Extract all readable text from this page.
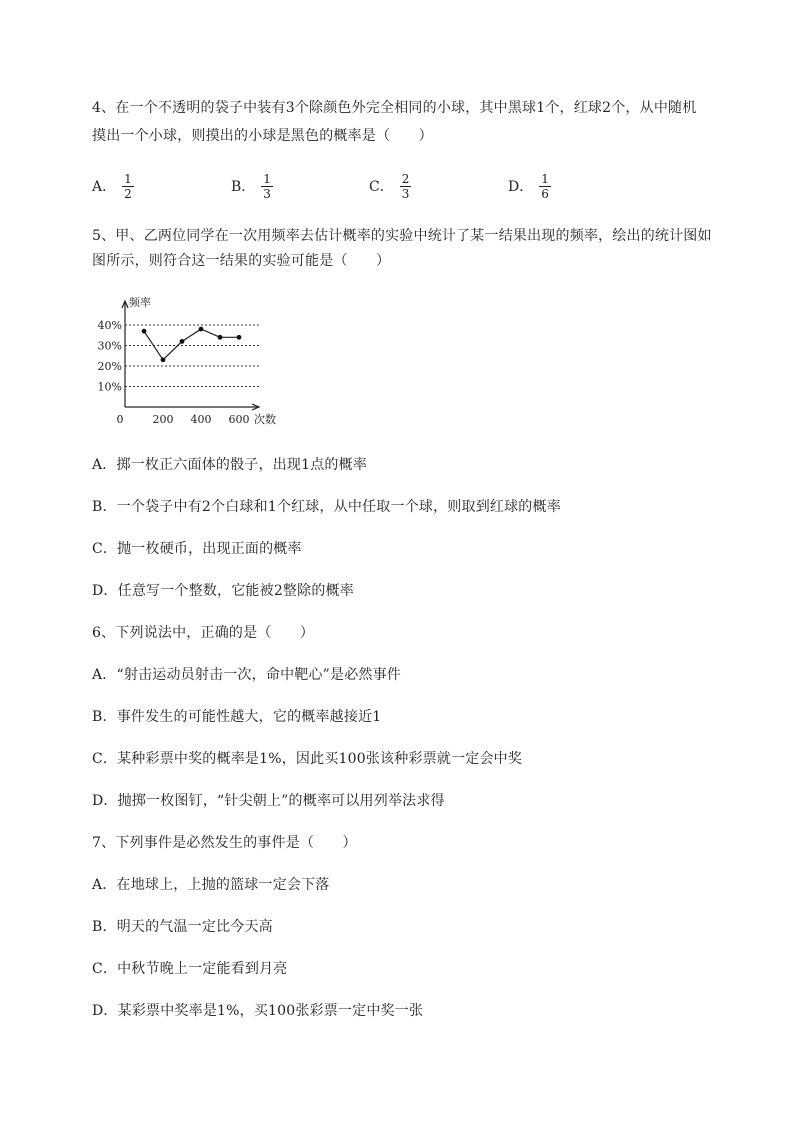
4、在一个不透明的袋子中装有3个除颜色外完全相同的小球，其中黑球1个，红球2个，从中随机
摸出一个小球，则摸出的小球是黑色的概率是（　　）
A． $\frac{1}{2}$	B． $\frac{1}{3}$	C． $\frac{2}{3}$	D． $\frac{1}{6}$
5、甲、乙两位同学在一次用频率去估计概率的实验中统计了某一结果出现的频率，绘出的统计图如
图所示，则符合这一结果的实验可能是（　　）
10%
20%
30%
40%
0	200 400 600
频率
次数
A．掷一枚正六面体的骰子，出现1点的概率
B．一个袋子中有2个白球和1个红球，从中任取一个球，则取到红球的概率
C．抛一枚硬币，出现正面的概率
D．任意写一个整数，它能被2整除的概率
6、下列说法中，正确的是（　　）
A．“射击运动员射击一次，命中靶心”是必然事件
B．事件发生的可能性越大，它的概率越接近1
C．某种彩票中奖的概率是1%，因此买100张该种彩票就一定会中奖
D．抛掷一枚图钉，“针尖朝上”的概率可以用列举法求得
7、下列事件是必然发生的事件是（　　）
A．在地球上，上抛的篮球一定会下落
B．明天的气温一定比今天高
C．中秋节晚上一定能看到月亮
D．某彩票中奖率是1%，买100张彩票一定中奖一张
